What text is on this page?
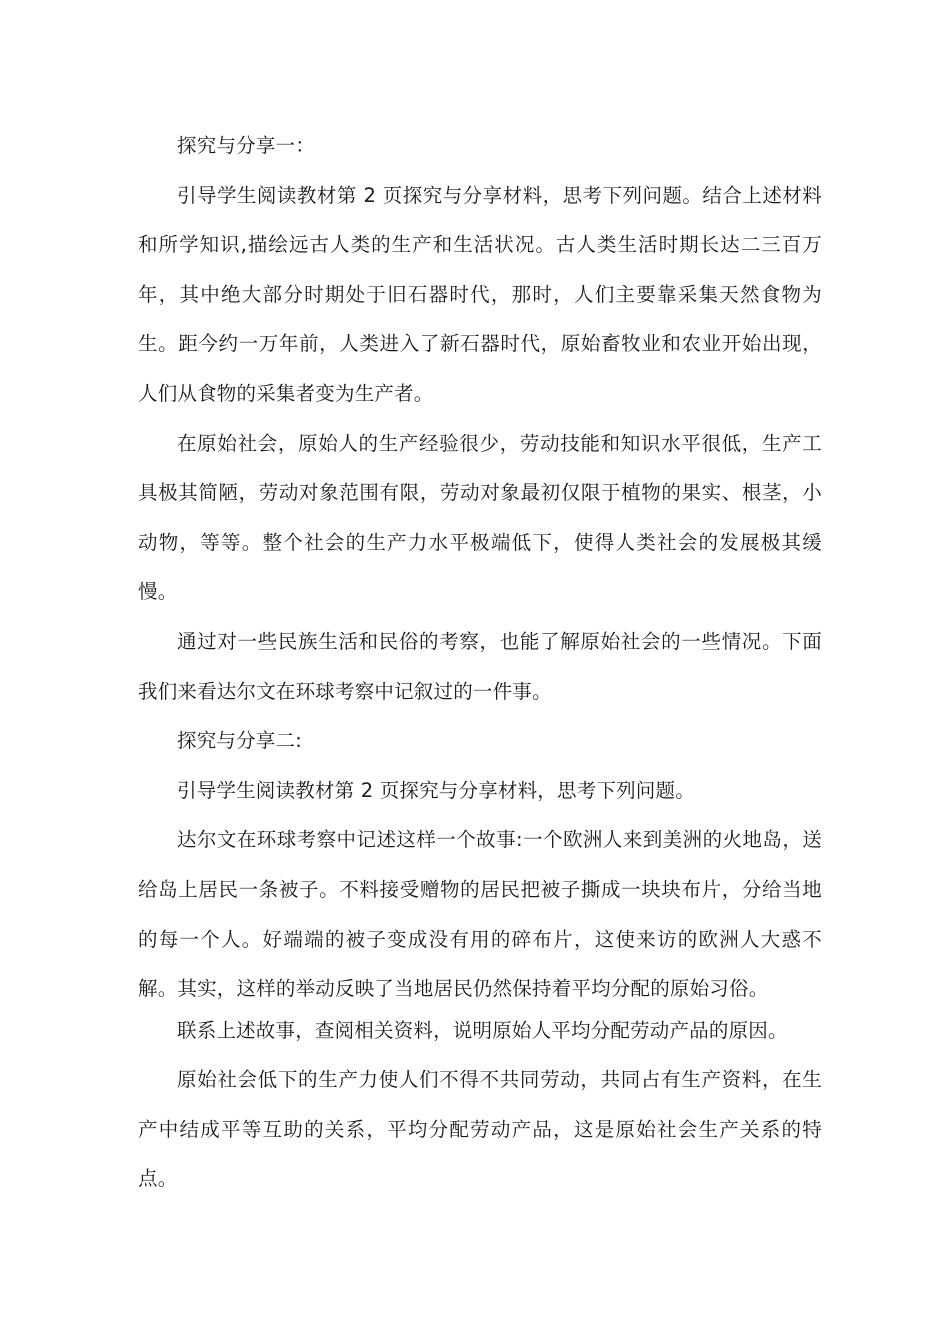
探究与分享一：

引导学生阅读教材第 2 页探究与分享材料，思考下列问题。结合上述材料和所学知识,描绘远古人类的生产和生活状况。古人类生活时期长达二三百万年，其中绝大部分时期处于旧石器时代，那时，人们主要靠采集天然食物为生。距今约一万年前，人类进入了新石器时代，原始畜牧业和农业开始出现，人们从食物的采集者变为生产者。

在原始社会，原始人的生产经验很少，劳动技能和知识水平很低，生产工具极其简陋，劳动对象范围有限，劳动对象最初仅限于植物的果实、根茎，小动物，等等。整个社会的生产力水平极端低下，使得人类社会的发展极其缓慢。

通过对一些民族生活和民俗的考察，也能了解原始社会的一些情况。下面我们来看达尔文在环球考察中记叙过的一件事。

探究与分享二:

引导学生阅读教材第 2 页探究与分享材料，思考下列问题。

达尔文在环球考察中记述这样一个故事:一个欧洲人来到美洲的火地岛，送给岛上居民一条被子。不料接受赠物的居民把被子撕成一块块布片，分给当地的每一个人。好端端的被子变成没有用的碎布片，这使来访的欧洲人大惑不解。其实，这样的举动反映了当地居民仍然保持着平均分配的原始习俗。

联系上述故事，查阅相关资料，说明原始人平均分配劳动产品的原因。

原始社会低下的生产力使人们不得不共同劳动，共同占有生产资料，在生产中结成平等互助的关系，平均分配劳动产品，这是原始社会生产关系的特点。
